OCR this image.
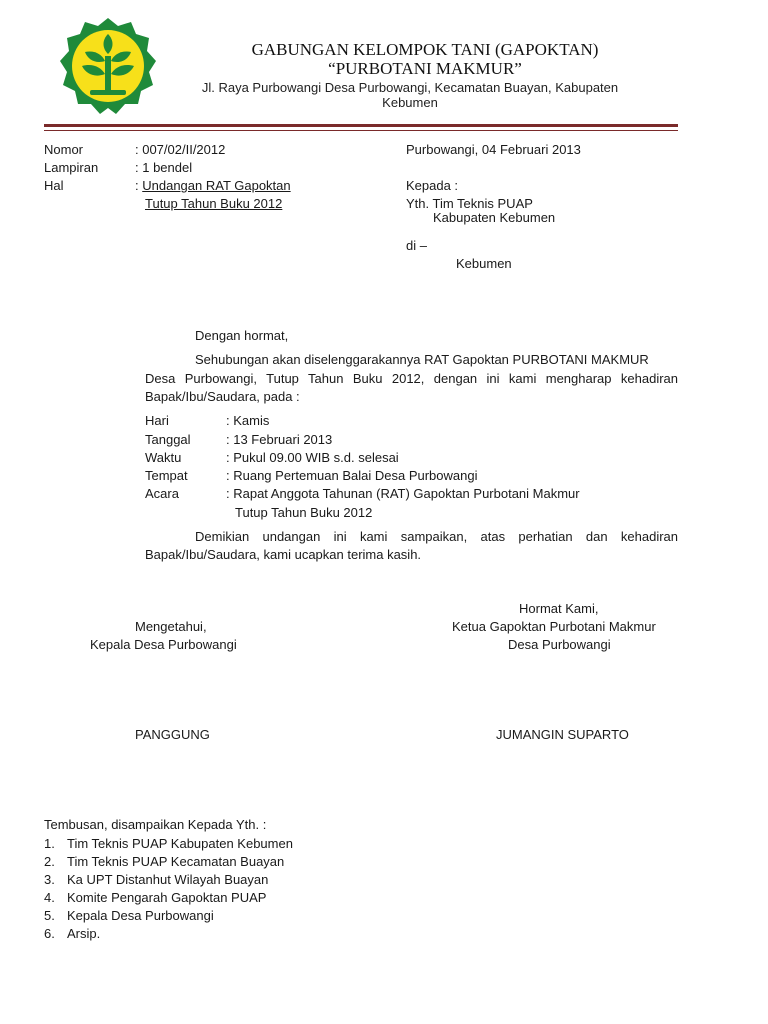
GABUNGAN KELOMPOK TANI (GAPOKTAN)
“PURBOTANI MAKMUR”
Jl. Raya Purbowangi Desa Purbowangi, Kecamatan Buayan, Kabupaten
Kebumen
Nomor	: 007/02/II/2012
Lampiran	: 1 bendel
Hal	: Undangan RAT Gapoktan
Tutup Tahun Buku 2012
Purbowangi, 04 Februari 2013
Kepada :
Yth. Tim Teknis PUAP
Kabupaten Kebumen
di –
Kebumen
Dengan hormat,
Sehubungan akan diselenggarakannya RAT Gapoktan PURBOTANI MAKMUR
Desa Purbowangi, Tutup Tahun Buku 2012, dengan ini kami mengharap kehadiran Bapak/Ibu/Saudara, pada :
Hari	: Kamis
Tanggal	: 13 Februari 2013
Waktu	: Pukul 09.00 WIB s.d. selesai
Tempat	: Ruang Pertemuan Balai Desa Purbowangi
Acara	: Rapat Anggota Tahunan (RAT) Gapoktan Purbotani Makmur
Tutup Tahun Buku 2012
Demikian undangan ini kami sampaikan, atas perhatian dan kehadiran
Bapak/Ibu/Saudara, kami ucapkan terima kasih.
Hormat Kami,
Mengetahui,	Ketua Gapoktan Purbotani Makmur
Kepala Desa Purbowangi	Desa Purbowangi
PANGGUNG	JUMANGIN SUPARTO
Tembusan, disampaikan Kepada Yth. :
1. Tim Teknis PUAP Kabupaten Kebumen
2. Tim Teknis PUAP Kecamatan Buayan
3. Ka UPT Distanhut Wilayah Buayan
4. Komite Pengarah Gapoktan PUAP
5. Kepala Desa Purbowangi
6. Arsip.
